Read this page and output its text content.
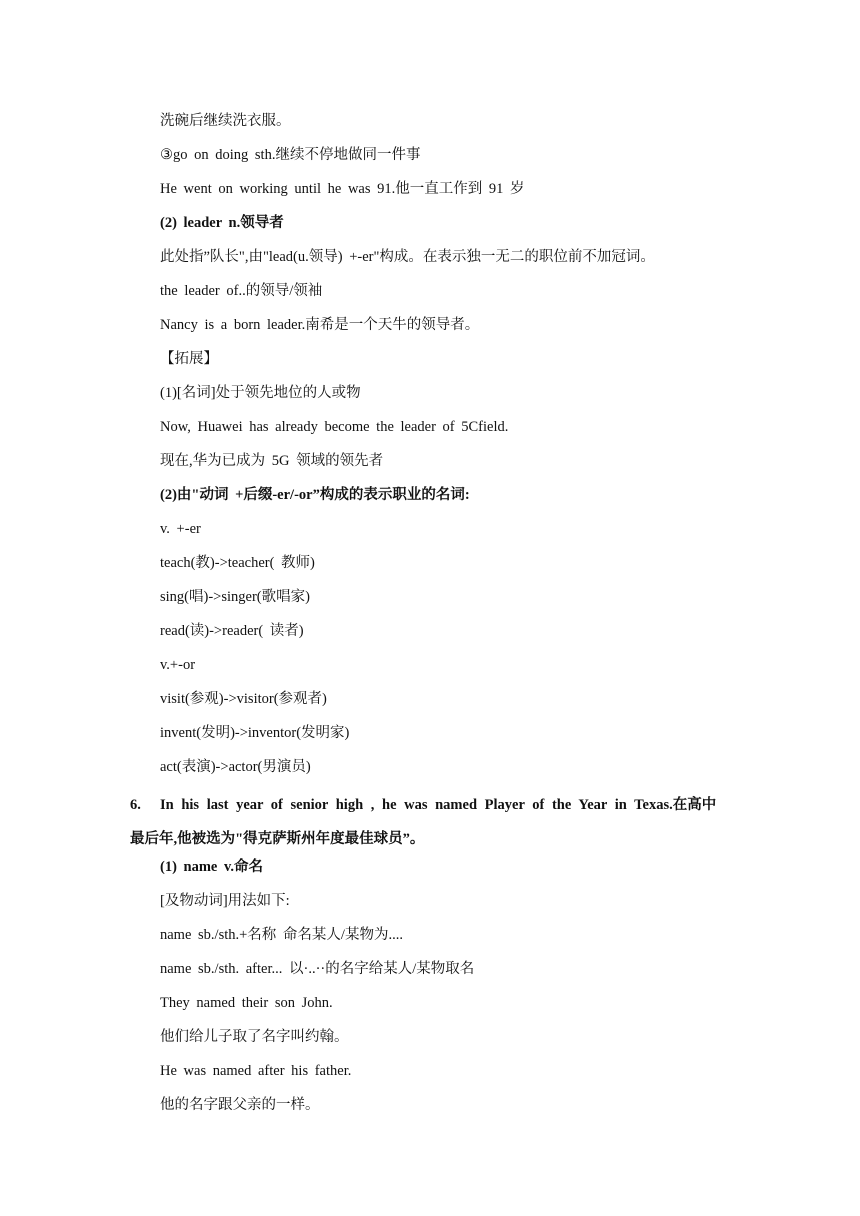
洗碗后继续洗衣服。
③go on doing sth.继续不停地做同一件事
He went on working until he was 91.他一直工作到 91 岁
(2) leader n.领导者
此处指”队长",由"lead(u.领导) +-er"构成。在表示独一无二的职位前不加冠词。
the leader of..的领导/领袖
Nancy is a born leader.南希是一个天牛的领导者。
【拓展】
(1)[名词]处于领先地位的人或物
Now, Huawei has already become the leader of 5Cfield.
现在,华为已成为 5G 领域的领先者
(2)由"动词 +后缀-er/-or”构成的表示职业的名词:
v. +-er
teach(教)->teacher( 教师)
sing(唱)->singer(歌唱家)
read(读)->reader( 读者)
v.+-or
visit(参观)->visitor(参观者)
invent(发明)->inventor(发明家)
act(表演)->actor(男演员)
6. In his last year of senior high , he was named Player of the Year in Texas.在高中最后年,他被选为"得克萨斯州年度最佳球员”。
(1) name v.命名
[及物动词]用法如下:
name sb./sth.+名称 命名某人/某物为....
name sb./sth. after... 以·..··的名字给某人/某物取名
They named their son John.
他们给儿子取了名字叫约翰。
He was named after his father.
他的名字跟父亲的一样。
